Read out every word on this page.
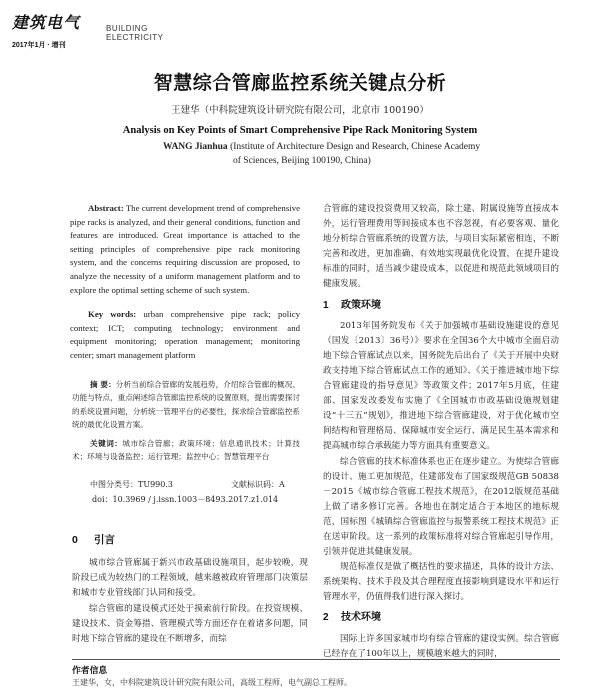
建筑电气	BUILDING
ELECTRICITY
2017年1月 · 增刊
智慧综合管廊监控系统关键点分析
王建华（中科院建筑设计研究院有限公司，北京市 100190）
Analysis on Key Points of Smart Comprehensive Pipe Rack Monitoring System
WANG Jianhua (Institute of Architecture Design and Research, Chinese Academy
of Sciences, Beijing 100190, China)
Abstract: The current development trend of comprehensive pipe racks is analyzed, and their general conditions, function and features are introduced. Great importance is attached to the setting principles of comprehensive pipe rack monitoring system, and the concerns requiring discussion are proposed, to analyze the necessity of a uniform management platform and to explore the optimal setting scheme of such system.
Key words: urban comprehensive pipe rack; policy context; ICT; computing technology; environment and equipment monitoring; operation management; monitoring center; smart management platform
摘 要：分析当前综合管廊的发展趋势，介绍综合管廊的概况、功能与特点，重点阐述综合管廊监控系统的设置原则，提出需要探讨的系统设置问题，分析统一管理平台的必要性，探求综合管廊监控系统的最优化设置方案。
关键词：城市综合管廊；政策环境；信息通讯技术；计算技术；环境与设备监控；运行管理；监控中心；智慧管理平台
中图分类号：TU990.3	文献标识码：A
doi：10.3969 / j.issn.1003－8493.2017.z1.014
0 引言

城市综合管廊属于新兴市政基础设施项目，起步较晚，现阶段已成为较热门的工程领域，越来越被政府管理部门决策层和城市专业管线部门认同和接受。

综合管廊的建设模式还处于摸索前行阶段。在投资规模、建设技术、资金筹措、管理模式等方面还存在着诸多问题，同时地下综合管廊的建设在不断增多，而综

合管廊的建设投资费用又较高，除土建、附属设施等直接成本外，运行管理费用等间接成本也不容忽视，有必要客观、量化地分析综合管廊系统的设置方法，与项目实际紧密相连，不断完善和改进，更加准确、有效地实现最优化设置，在提升建设标准的同时，适当减少建设成本，以促进和规范此领域项目的健康发展。

1 政策环境

2013年国务院发布《关于加强城市基础设施建设的意见（国发〔2013〕36号）》要求在全国36个大中城市全面启动地下综合管廊试点以来，国务院先后出台了《关于开展中央财政支持地下综合管廊试点工作的通知》、《关于推进城市地下综合管廊建设的指导意见》等政策文件；2017年5月底，住建部、国家发改委发布实施了《全国城市市政基础设施规划建设“十三五”规划》，推进地下综合管廊建设，对于优化城市空间结构和管理格局、保障城市安全运行、满足民生基本需求和提高城市综合承载能力等方面具有重要意义。

综合管廊的技术标准体系也正在逐步建立。为使综合管廊的设计、施工更加规范，住建部发布了国家级规范GB 50838－2015《城市综合管廊工程技术规范》，在2012版规范基础上做了诸多修订完善。各地也在制定适合于本地区的地标规范，国标图《城镇综合管廊监控与报警系统工程技术规范》正在送审阶段。这一系列的政策标准将对综合管廊起引导作用，引领并促进其健康发展。

规范标准仅是做了概括性的要求描述，具体的设计方法、系统架构、技术手段及其合理程度直接影响到建设水平和运行管理水平，仍值得我们进行深入探讨。

2 技术环境

国际上许多国家城市均有综合管廊的建设实例。综合管廊已经存在了100年以上，规模越来越大的同时，

作者信息
王建华，女，中科院建筑设计研究院有限公司，高级工程师，电气副总工程师。
